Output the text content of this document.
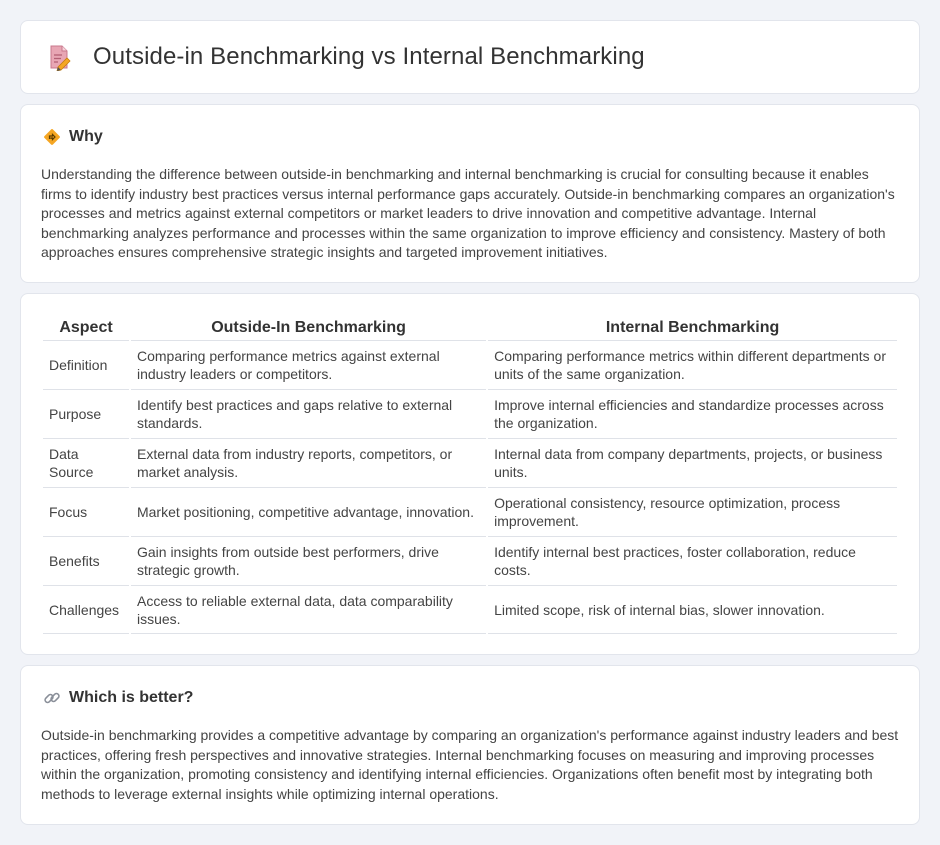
Outside-in Benchmarking vs Internal Benchmarking
Why

Understanding the difference between outside-in benchmarking and internal benchmarking is crucial for consulting because it enables firms to identify industry best practices versus internal performance gaps accurately. Outside-in benchmarking compares an organization's processes and metrics against external competitors or market leaders to drive innovation and competitive advantage. Internal benchmarking analyzes performance and processes within the same organization to improve efficiency and consistency. Mastery of both approaches ensures comprehensive strategic insights and targeted improvement initiatives.

Aspect	Outside-In Benchmarking	Internal Benchmarking
Definition	Comparing performance metrics against external industry leaders or competitors.	Comparing performance metrics within different departments or units of the same organization.
Purpose	Identify best practices and gaps relative to external standards.	Improve internal efficiencies and standardize processes across the organization.
Data Source	External data from industry reports, competitors, or market analysis.	Internal data from company departments, projects, or business units.
Focus	Market positioning, competitive advantage, innovation.	Operational consistency, resource optimization, process improvement.
Benefits	Gain insights from outside best performers, drive strategic growth.	Identify internal best practices, foster collaboration, reduce costs.
Challenges	Access to reliable external data, data comparability issues.	Limited scope, risk of internal bias, slower innovation.
Which is better?

Outside-in benchmarking provides a competitive advantage by comparing an organization's performance against industry leaders and best practices, offering fresh perspectives and innovative strategies. Internal benchmarking focuses on measuring and improving processes within the organization, promoting consistency and identifying internal efficiencies. Organizations often benefit most by integrating both methods to leverage external insights while optimizing internal operations.
